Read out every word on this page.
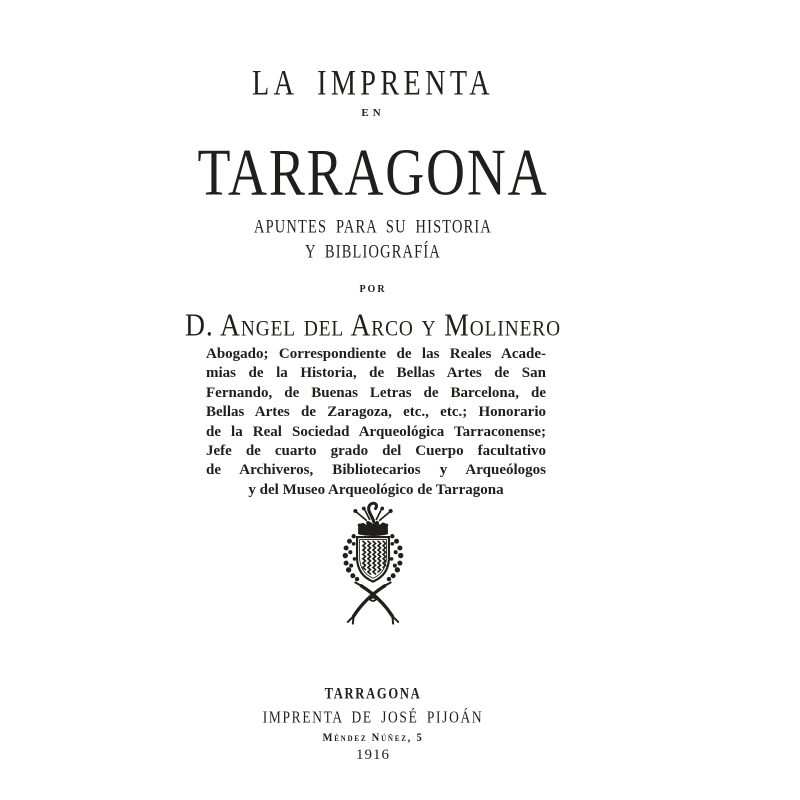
LA IMPRENTA
EN
TARRAGONA
APUNTES PARA SU HISTORIA
Y BIBLIOGRAFÍA
POR
D. Angel del Arco y Molinero
Abogado; Correspondiente de las Reales Acade-
mias de la Historia, de Bellas Artes de San
Fernando, de Buenas Letras de Barcelona, de
Bellas Artes de Zaragoza, etc., etc.; Honorario
de la Real Sociedad Arqueológica Tarraconense;
Jefe de cuarto grado del Cuerpo facultativo
de Archiveros, Bibliotecarios y Arqueólogos
y del Museo Arqueológico de Tarragona
TARRAGONA
IMPRENTA DE JOSÉ PIJOÁN
Méndez Núñez, 5
1916
